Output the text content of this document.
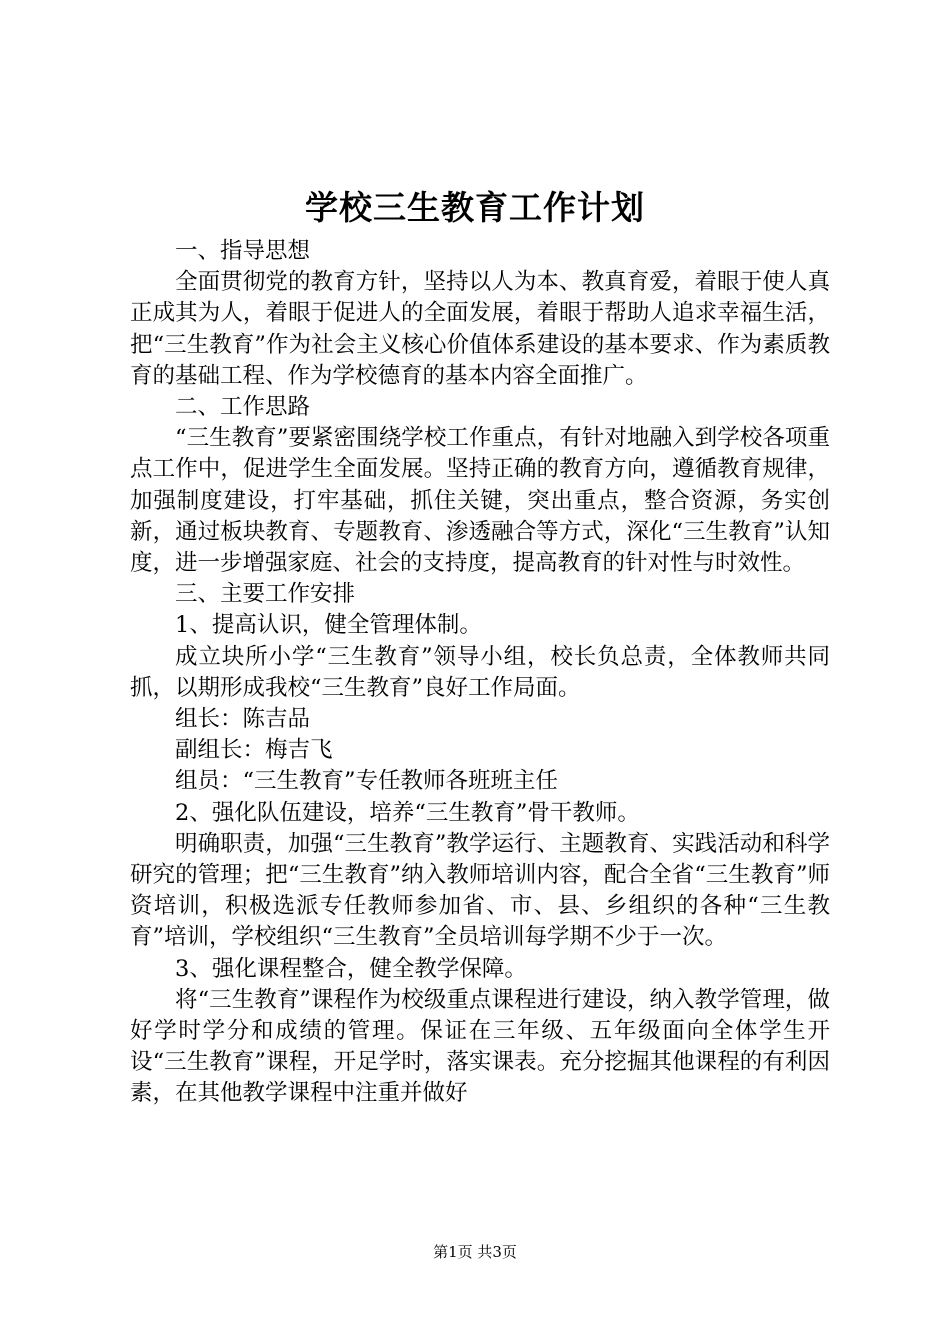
学校三生教育工作计划

一、指导思想

全面贯彻党的教育方针，坚持以人为本、教真育爱，着眼于使人真正成其为人，着眼于促进人的全面发展，着眼于帮助人追求幸福生活，把“三生教育”作为社会主义核心价值体系建设的基本要求、作为素质教育的基础工程、作为学校德育的基本内容全面推广。

二、工作思路

“三生教育”要紧密围绕学校工作重点，有针对地融入到学校各项重点工作中，促进学生全面发展。坚持正确的教育方向，遵循教育规律，加强制度建设，打牢基础，抓住关键，突出重点，整合资源，务实创新，通过板块教育、专题教育、渗透融合等方式，深化“三生教育”认知度，进一步增强家庭、社会的支持度，提高教育的针对性与时效性。

三、主要工作安排

1、提高认识，健全管理体制。

成立块所小学“三生教育”领导小组，校长负总责，全体教师共同抓，以期形成我校“三生教育”良好工作局面。

组长：陈吉品

副组长：梅吉飞

组员：“三生教育”专任教师各班班主任

2、强化队伍建设，培养“三生教育”骨干教师。

明确职责，加强“三生教育”教学运行、主题教育、实践活动和科学研究的管理；把“三生教育”纳入教师培训内容，配合全省“三生教育”师资培训，积极选派专任教师参加省、市、县、乡组织的各种“三生教育”培训，学校组织“三生教育”全员培训每学期不少于一次。

3、强化课程整合，健全教学保障。

将“三生教育”课程作为校级重点课程进行建设，纳入教学管理，做好学时学分和成绩的管理。保证在三年级、五年级面向全体学生开设“三生教育”课程，开足学时，落实课表。充分挖掘其他课程的有利因素，在其他教学课程中注重并做好

第1页 共3页
